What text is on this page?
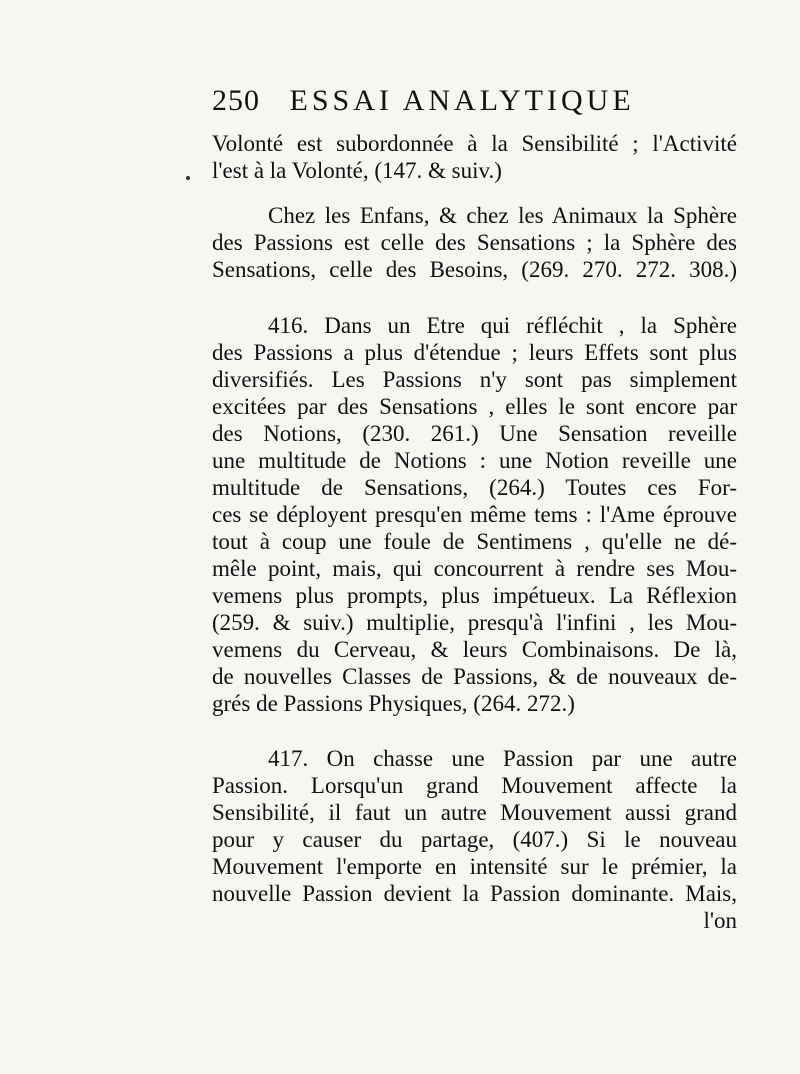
250 ESSAI ANALYTIQUE
Volonté est subordonnée à la Sensibilité ; l'Activité
l'est à la Volonté, (147. & suiv.)
Chez les Enfans, & chez les Animaux la Sphère
des Passions est celle des Sensations ; la Sphère des
Sensations, celle des Besoins, (269. 270. 272. 308.)
416. Dans un Etre qui réfléchit , la Sphère
des Passions a plus d'étendue ; leurs Effets sont plus
diversifiés. Les Passions n'y sont pas simplement
excitées par des Sensations , elles le sont encore par
des Notions, (230. 261.) Une Sensation reveille
une multitude de Notions : une Notion reveille une
multitude de Sensations, (264.) Toutes ces For-
ces se déployent presqu'en même tems : l'Ame éprouve
tout à coup une foule de Sentimens , qu'elle ne dé-
mêle point, mais, qui concourrent à rendre ses Mou-
vemens plus prompts, plus impétueux. La Réflexion
(259. & suiv.) multiplie, presqu'à l'infini , les Mou-
vemens du Cerveau, & leurs Combinaisons. De là,
de nouvelles Classes de Passions, & de nouveaux de-
grés de Passions Physiques, (264. 272.)
417. On chasse une Passion par une autre
Passion. Lorsqu'un grand Mouvement affecte la
Sensibilité, il faut un autre Mouvement aussi grand
pour y causer du partage, (407.) Si le nouveau
Mouvement l'emporte en intensité sur le prémier, la
nouvelle Passion devient la Passion dominante. Mais,
l'on
